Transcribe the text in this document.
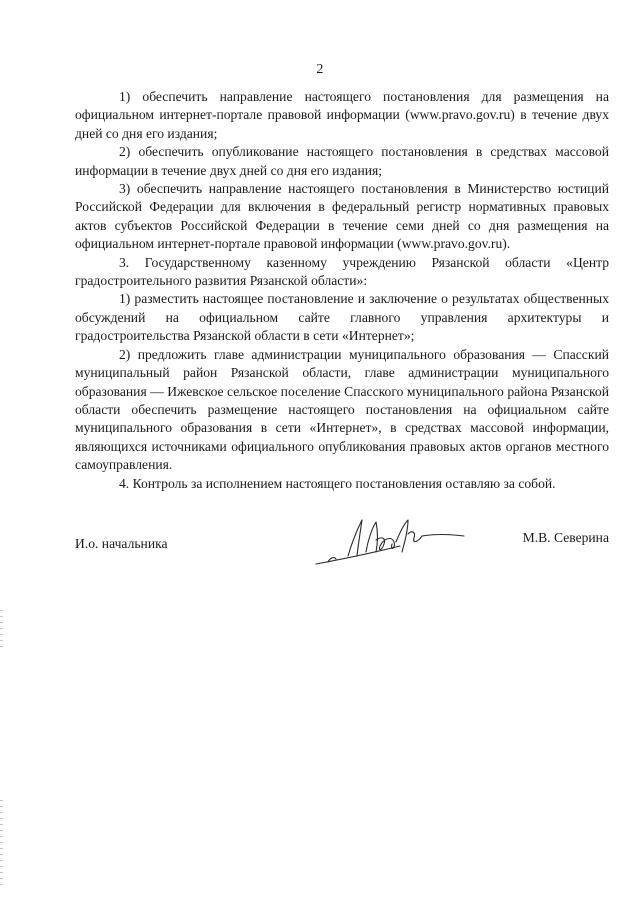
2

1) обеспечить направление настоящего постановления для размещения на официальном интернет-портале правовой информации (www.pravo.gov.ru) в течение двух дней со дня его издания;

2) обеспечить опубликование настоящего постановления в средствах массовой информации в течение двух дней со дня его издания;

3) обеспечить направление настоящего постановления в Министерство юстиций Российской Федерации для включения в федеральный регистр нормативных правовых актов субъектов Российской Федерации в течение семи дней со дня размещения на официальном интернет-портале правовой информации (www.pravo.gov.ru).

3. Государственному казенному учреждению Рязанской области «Центр градостроительного развития Рязанской области»:

1) разместить настоящее постановление и заключение о результатах общественных обсуждений на официальном сайте главного управления архитектуры и градостроительства Рязанской области в сети «Интернет»;

2) предложить главе администрации муниципального образования — Спасский муниципальный район Рязанской области, главе администрации муниципального образования — Ижевское сельское поселение Спасского муниципального района Рязанской области обеспечить размещение настоящего постановления на официальном сайте муниципального образования в сети «Интернет», в средствах массовой информации, являющихся источниками официального опубликования правовых актов органов местного самоуправления.

4. Контроль за исполнением настоящего постановления оставляю за собой.

И.о. начальника	М.В. Северина
